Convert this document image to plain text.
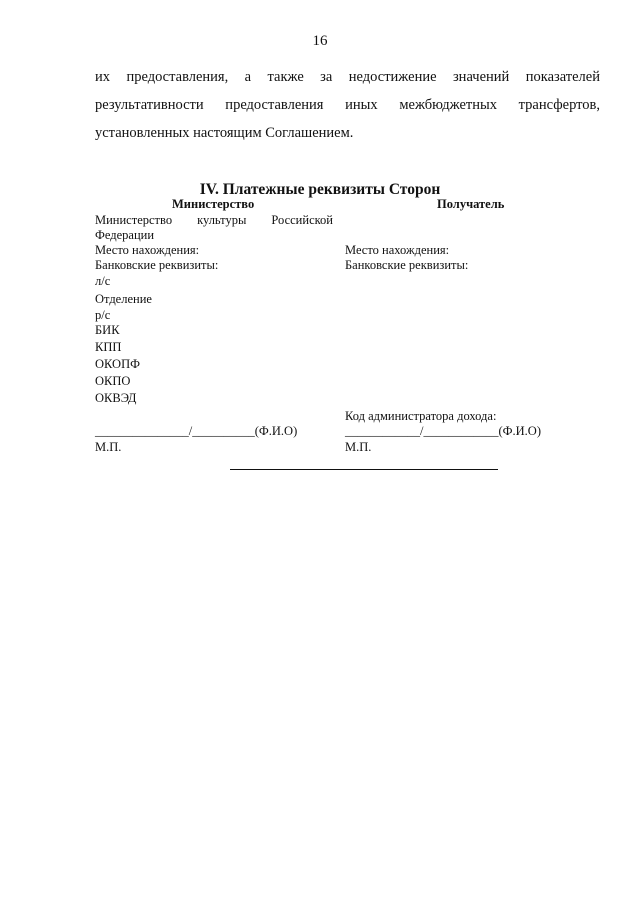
16
их предоставления, а также за недостижение значений показателей
результативности предоставления иных межбюджетных трансфертов,
установленных настоящим Соглашением.
IV. Платежные реквизиты Сторон
Министерство
Министерство культуры Российской
Федерации
Место нахождения:
Банковские реквизиты:
л/с
Отделение
р/с
БИК
КПП
ОКОПФ
ОКПО
ОКВЭД
_______________/__________(Ф.И.О)
М.П.
Получатель
Место нахождения:
Банковские реквизиты:
Код администратора дохода:
____________/____________(Ф.И.О)
М.П.
